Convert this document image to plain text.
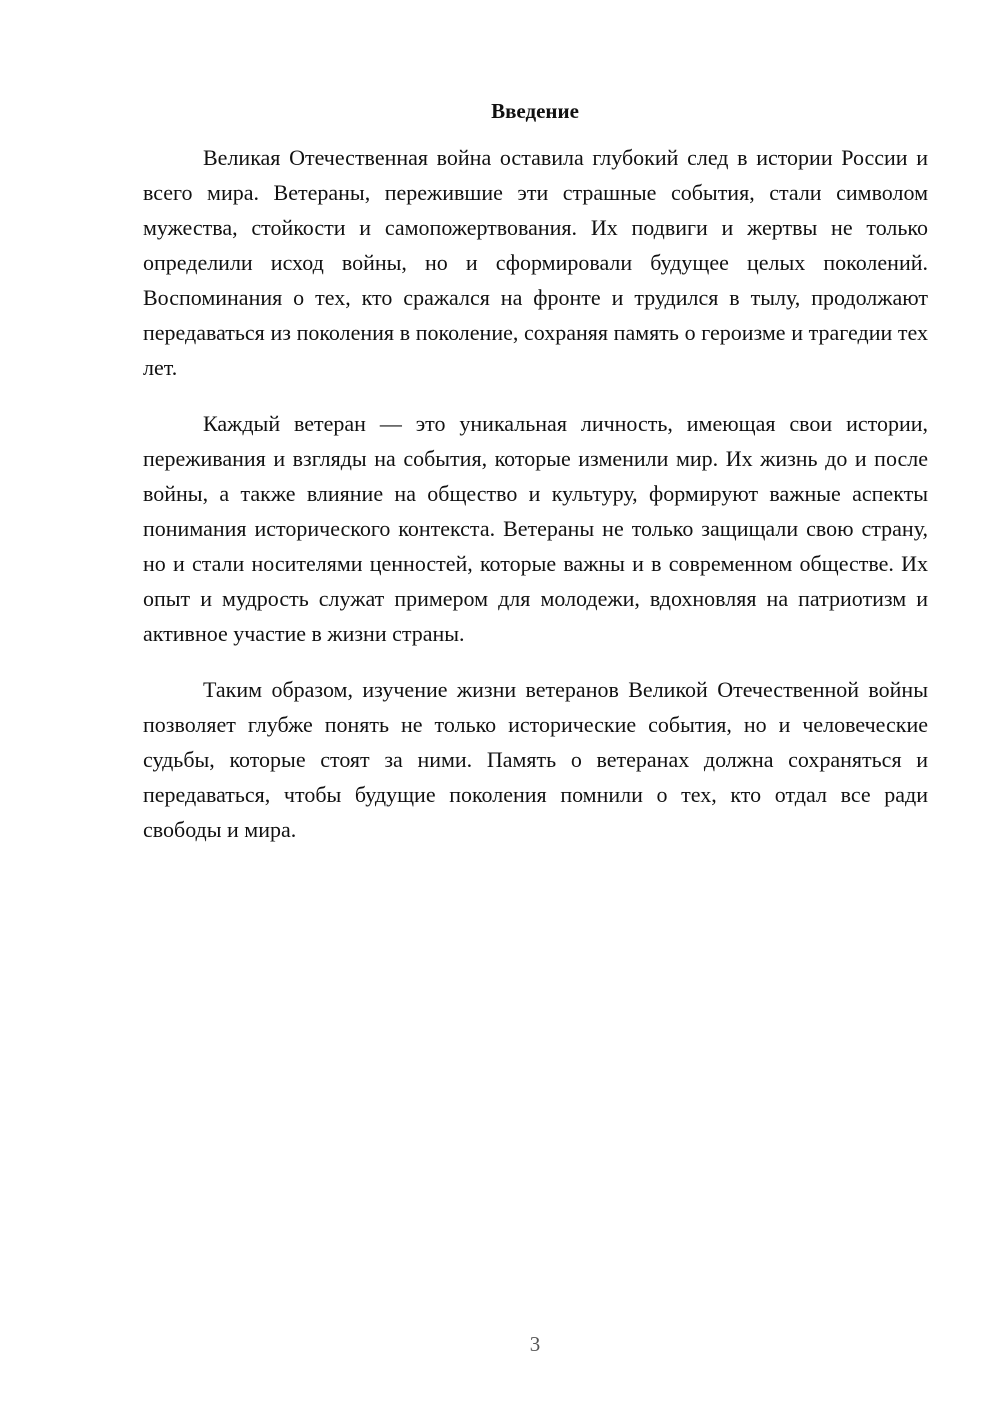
Введение

Великая Отечественная война оставила глубокий след в истории России и всего мира. Ветераны, пережившие эти страшные события, стали символом мужества, стойкости и самопожертвования. Их подвиги и жертвы не только определили исход войны, но и сформировали будущее целых поколений. Воспоминания о тех, кто сражался на фронте и трудился в тылу, продолжают передаваться из поколения в поколение, сохраняя память о героизме и трагедии тех лет.

Каждый ветеран — это уникальная личность, имеющая свои истории, переживания и взгляды на события, которые изменили мир. Их жизнь до и после войны, а также влияние на общество и культуру, формируют важные аспекты понимания исторического контекста. Ветераны не только защищали свою страну, но и стали носителями ценностей, которые важны и в современном обществе. Их опыт и мудрость служат примером для молодежи, вдохновляя на патриотизм и активное участие в жизни страны.

Таким образом, изучение жизни ветеранов Великой Отечественной войны позволяет глубже понять не только исторические события, но и человеческие судьбы, которые стоят за ними. Память о ветеранах должна сохраняться и передаваться, чтобы будущие поколения помнили о тех, кто отдал все ради свободы и мира.

3
